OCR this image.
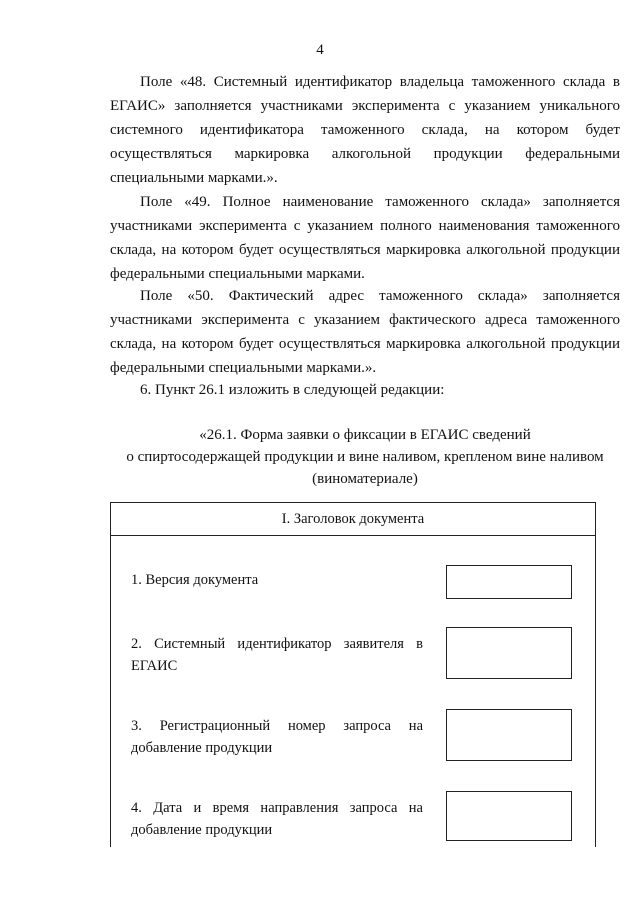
4

Поле «48. Системный идентификатор владельца таможенного склада в ЕГАИС» заполняется участниками эксперимента с указанием уникального системного идентификатора таможенного склада, на котором будет осуществляться маркировка алкогольной продукции федеральными специальными марками.».

Поле «49. Полное наименование таможенного склада» заполняется участниками эксперимента с указанием полного наименования таможенного склада, на котором будет осуществляться маркировка алкогольной продукции федеральными специальными марками.

Поле «50. Фактический адрес таможенного склада» заполняется участниками эксперимента с указанием фактического адреса таможенного склада, на котором будет осуществляться маркировка алкогольной продукции федеральными специальными марками.».

6. Пункт 26.1 изложить в следующей редакции:

«26.1. Форма заявки о фиксации в ЕГАИС сведений
о спиртосодержащей продукции и вине наливом, крепленом вине наливом
(виноматериале)
I. Заголовок документа
1. Версия документа
2. Системный идентификатор заявителя в ЕГАИС
3. Регистрационный номер запроса на добавление продукции
4. Дата и время направления запроса на добавление продукции
